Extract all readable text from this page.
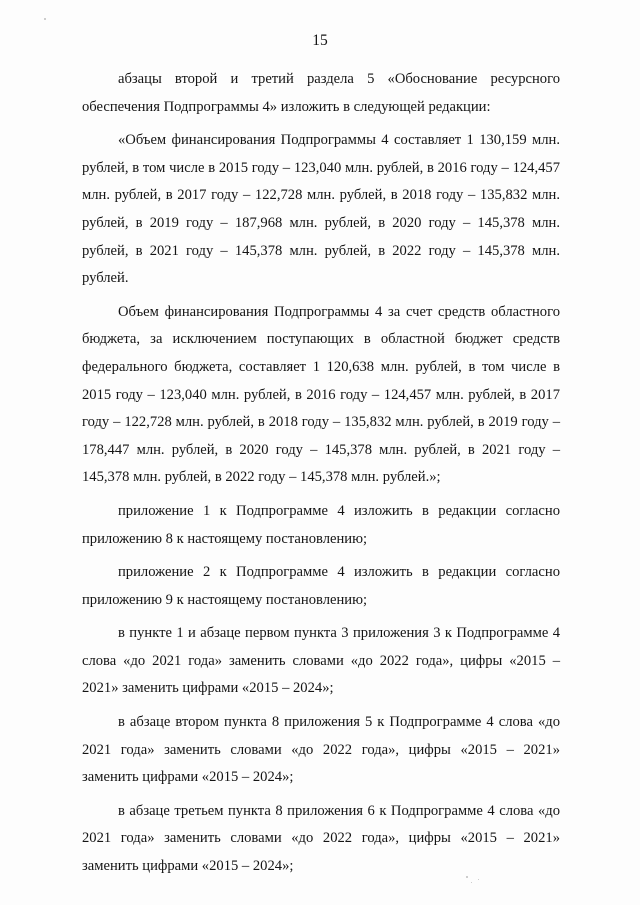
15

абзацы второй и третий раздела 5 «Обоснование ресурсного обеспечения Подпрограммы 4» изложить в следующей редакции:

«Объем финансирования Подпрограммы 4 составляет 1 130,159 млн. рублей, в том числе в 2015 году – 123,040 млн. рублей, в 2016 году – 124,457 млн. рублей, в 2017 году – 122,728 млн. рублей, в 2018 году – 135,832 млн. рублей, в 2019 году – 187,968 млн. рублей, в 2020 году – 145,378 млн. рублей, в 2021 году – 145,378 млн. рублей, в 2022 году – 145,378 млн. рублей.

Объем финансирования Подпрограммы 4 за счет средств областного бюджета, за исключением поступающих в областной бюджет средств федерального бюджета, составляет 1 120,638 млн. рублей, в том числе в 2015 году – 123,040 млн. рублей, в 2016 году – 124,457 млн. рублей, в 2017 году – 122,728 млн. рублей, в 2018 году – 135,832 млн. рублей, в 2019 году – 178,447 млн. рублей, в 2020 году – 145,378 млн. рублей, в 2021 году – 145,378 млн. рублей, в 2022 году – 145,378 млн. рублей.»;

приложение 1 к Подпрограмме 4 изложить в редакции согласно приложению 8 к настоящему постановлению;

приложение 2 к Подпрограмме 4 изложить в редакции согласно приложению 9 к настоящему постановлению;

в пункте 1 и абзаце первом пункта 3 приложения 3 к Подпрограмме 4 слова «до 2021 года» заменить словами «до 2022 года», цифры «2015 – 2021» заменить цифрами «2015 – 2024»;

в абзаце втором пункта 8 приложения 5 к Подпрограмме 4 слова «до 2021 года» заменить словами «до 2022 года», цифры «2015 – 2021» заменить цифрами «2015 – 2024»;

в абзаце третьем пункта 8 приложения 6 к Подпрограмме 4 слова «до 2021 года» заменить словами «до 2022 года», цифры «2015 – 2021» заменить цифрами «2015 – 2024»;
